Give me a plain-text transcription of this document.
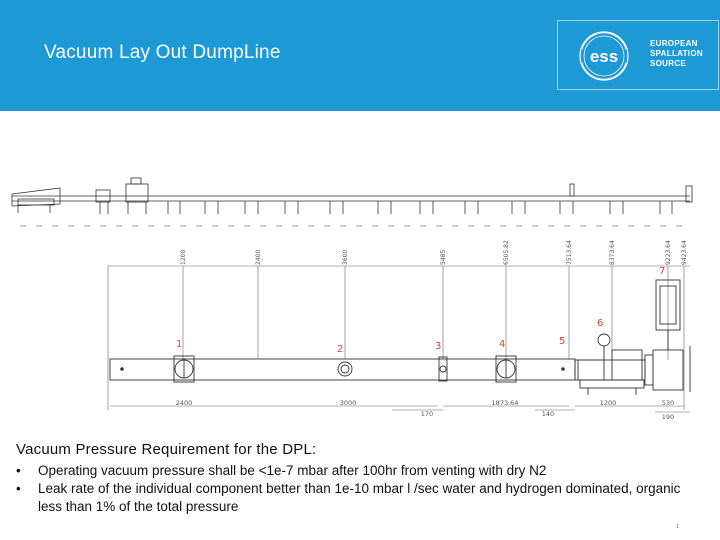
Vacuum Lay Out DumpLine	ess
EUROPEAN
SPALLATION
SOURCE
1200	2400	3600	5485	6505.82	7513.64	8373.64	9223.64 9423.64
1	2	3	4	5
6
7
2400	3000
170
1873.64
140
1200	530
190
Vacuum Pressure Requirement for the DPL:
• Operating vacuum pressure shall be <1e-7 mbar after 100hr from venting with dry N2
• Leak rate of the individual component better than 1e-10 mbar l /sec water and hydrogen dominated, organic less than 1% of the total pressure
1
